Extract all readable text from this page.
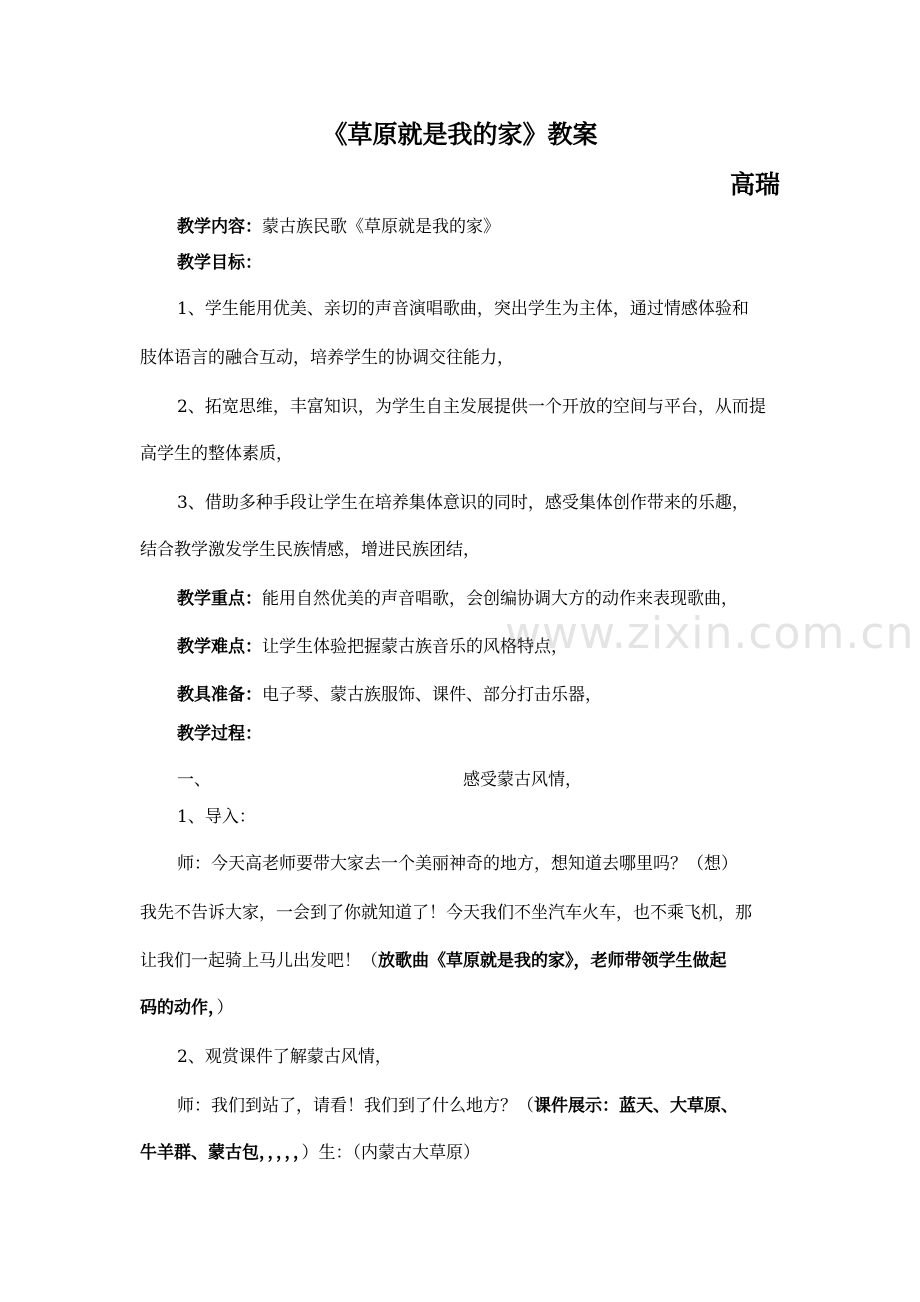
www.zixin.com.cn
《草原就是我的家》教案
高瑞
教学内容：蒙古族民歌《草原就是我的家》
教学目标：
1、学生能用优美、亲切的声音演唱歌曲，突出学生为主体，通过情感体验和
肢体语言的融合互动，培养学生的协调交往能力，
2、拓宽思维，丰富知识，为学生自主发展提供一个开放的空间与平台，从而提
高学生的整体素质，
3、借助多种手段让学生在培养集体意识的同时，感受集体创作带来的乐趣，
结合教学激发学生民族情感，增进民族团结，
教学重点：能用自然优美的声音唱歌，会创编协调大方的动作来表现歌曲，
教学难点：让学生体验把握蒙古族音乐的风格特点，
教具准备：电子琴、蒙古族服饰、课件、部分打击乐器，
教学过程：
一、	感受蒙古风情，
1、导入：
师：今天高老师要带大家去一个美丽神奇的地方，想知道去哪里吗？（想）
我先不告诉大家，一会到了你就知道了！今天我们不坐汽车火车，也不乘飞机，那
让我们一起骑上马儿出发吧！（放歌曲《草原就是我的家》，老师带领学生做起
码的动作，）
2、观赏课件了解蒙古风情，
师：我们到站了，请看！我们到了什么地方？（课件展示：蓝天、大草原、
牛羊群、蒙古包，，，，，）生：（内蒙古大草原）
